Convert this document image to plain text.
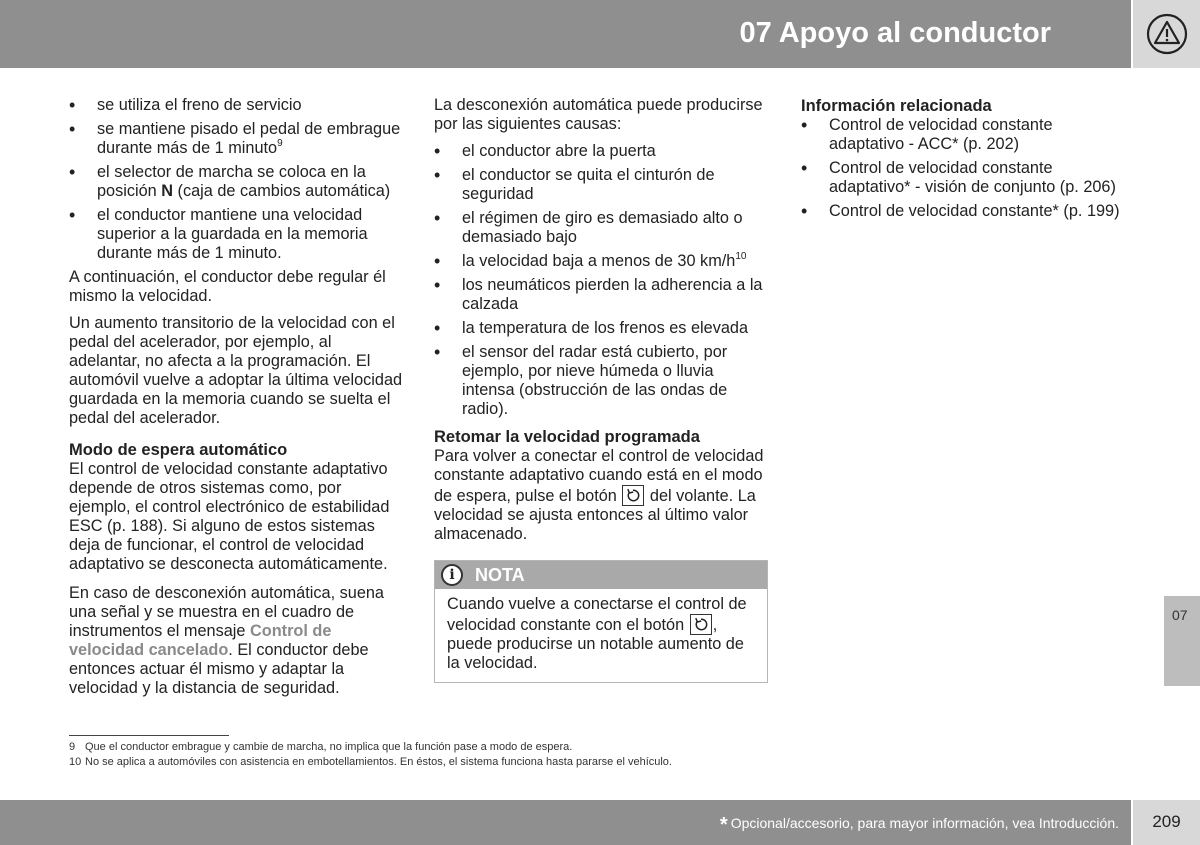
07 Apoyo al conductor
• se utiliza el freno de servicio
• se mantiene pisado el pedal de embrague durante más de 1 minuto$^9$
• el selector de marcha se coloca en la posición N (caja de cambios automática)
• el conductor mantiene una velocidad superior a la guardada en la memoria durante más de 1 minuto.

A continuación, el conductor debe regular él mismo la velocidad.

Un aumento transitorio de la velocidad con el pedal del acelerador, por ejemplo, al adelantar, no afecta a la programación. El automóvil vuelve a adoptar la última velocidad guardada en la memoria cuando se suelta el pedal del acelerador.

Modo de espera automático

El control de velocidad constante adaptativo depende de otros sistemas como, por ejemplo, el control electrónico de estabilidad ESC (p. 188). Si alguno de estos sistemas deja de funcionar, el control de velocidad adaptativo se desconecta automáticamente.

En caso de desconexión automática, suena una señal y se muestra en el cuadro de instrumentos el mensaje Control de velocidad cancelado. El conductor debe entonces actuar él mismo y adaptar la velocidad y la distancia de seguridad.

La desconexión automática puede producirse por las siguientes causas:

• el conductor abre la puerta
• el conductor se quita el cinturón de seguridad
• el régimen de giro es demasiado alto o demasiado bajo
• la velocidad baja a menos de 30 $km/h^{10}$
• los neumáticos pierden la adherencia a la calzada
• la temperatura de los frenos es elevada
• el sensor del radar está cubierto, por ejemplo, por nieve húmeda o lluvia intensa (obstrucción de las ondas de radio).
Retomar la velocidad programada

Para volver a conectar el control de velocidad constante adaptativo cuando está en el modo de espera, pulse el botón
del volante. La velocidad se ajusta entonces al último valor almacenado.

i	NOTA
Cuando vuelve a conectarse el control de velocidad constante con el botón
, puede producirse un notable aumento de la velocidad.
Información relacionada
• Control de velocidad constante adaptativo - ACC* (p. 202)
• Control de velocidad constante adaptativo* - visión de conjunto (p. 206)
• Control de velocidad constante* (p. 199)
07
9 Que el conductor embrague y cambie de marcha, no implica que la función pase a modo de espera.
10 No se aplica a automóviles con asistencia en embotellamientos. En éstos, el sistema funciona hasta pararse el vehículo.
* Opcional/accesorio, para mayor información, vea Introducción.	209
